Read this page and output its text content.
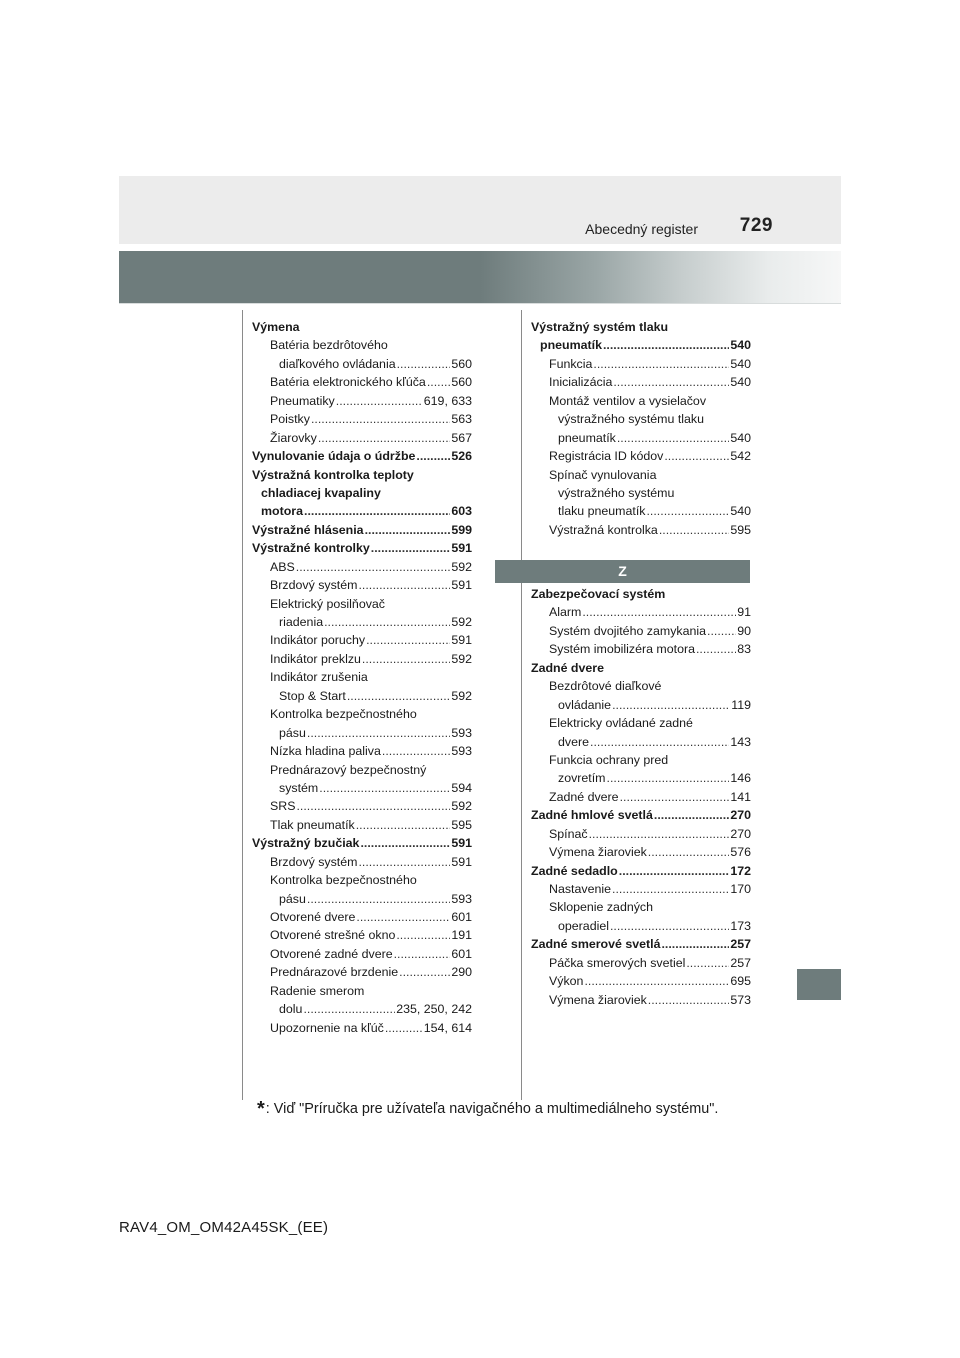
Abecedný register 729
Výmena
Batéria bezdrôtového
diaľkového ovládania .....	560
Batéria elektronického kľúča ..... 560
Pneumatiky .....	619, 633
Poistky .....	563
Žiarovky .....	567
Vynulovanie údaja o údržbe .....	526
Výstražná kontrolka teploty
chladiacej kvapaliny
motora .....	603
Výstražné hlásenia .....	599
Výstražné kontrolky .....	591
ABS .....	592
Brzdový systém .....	591
Elektrický posilňovač
riadenia .....	592
Indikátor poruchy .....	591
Indikátor preklzu .....	592
Indikátor zrušenia
Stop & Start .....	592
Kontrolka bezpečnostného
pásu .....	593
Nízka hladina paliva .....	593
Prednárazový bezpečnostný
systém .....	594
SRS .....	592
Tlak pneumatík .....	595
Výstražný bzučiak .....	591
Brzdový systém .....	591
Kontrolka bezpečnostného
pásu .....	593
Otvorené dvere .....	601
Otvorené strešné okno .....	191
Otvorené zadné dvere .....	601
Prednárazové brzdenie .....	290
Radenie smerom
dolu .....	235, 250, 242
Upozornenie na kľúč .....	154, 614
Výstražný systém tlaku
pneumatík .....	540
Funkcia .....	540
Inicializácia .....	540
Montáž ventilov a vysielačov
výstražného systému tlaku
pneumatík .....	540
Registrácia ID kódov .....	542
Spínač vynulovania
výstražného systému
tlaku pneumatík .....	540
Výstražná kontrolka .....	595
Z
Zabezpečovací systém
Alarm .....	91
Systém dvojitého zamykania .....	90
Systém imobilizéra motora .....	83
Zadné dvere
Bezdrôtové diaľkové
ovládanie .....	119
Elektricky ovládané zadné
dvere .....	143
Funkcia ochrany pred
zovretím .....	146
Zadné dvere .....	141
Zadné hmlové svetlá .....	270
Spínač .....	270
Výmena žiaroviek .....	576
Zadné sedadlo .....	172
Nastavenie .....	170
Sklopenie zadných
operadiel .....	173
Zadné smerové svetlá .....	257
Páčka smerových svetiel .....	257
Výkon .....	695
Výmena žiaroviek .....	573
*: Viď "Príručka pre užívateľa navigačného a multimediálneho systému".
RAV4_OM_OM42A45SK_(EE)
